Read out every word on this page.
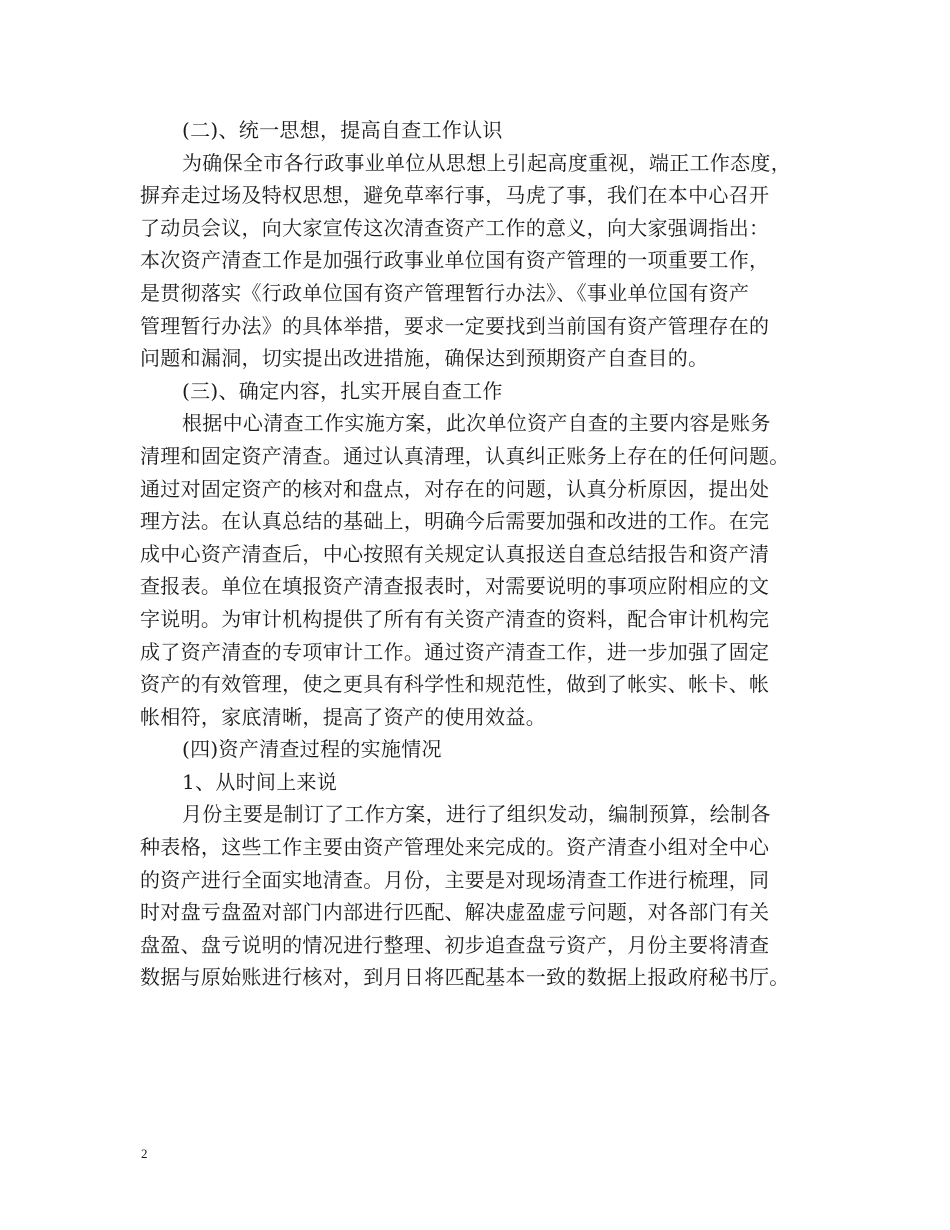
(二)、统一思想，提高自查工作认识
为确保全市各行政事业单位从思想上引起高度重视，端正工作态度，
摒弃走过场及特权思想，避免草率行事，马虎了事，我们在本中心召开
了动员会议，向大家宣传这次清查资产工作的意义，向大家强调指出：
本次资产清查工作是加强行政事业单位国有资产管理的一项重要工作，
是贯彻落实《行政单位国有资产管理暂行办法》、《事业单位国有资产
管理暂行办法》的具体举措，要求一定要找到当前国有资产管理存在的
问题和漏洞，切实提出改进措施，确保达到预期资产自查目的。
(三)、确定内容，扎实开展自查工作
根据中心清查工作实施方案，此次单位资产自查的主要内容是账务
清理和固定资产清查。通过认真清理，认真纠正账务上存在的任何问题。
通过对固定资产的核对和盘点，对存在的问题，认真分析原因，提出处
理方法。在认真总结的基础上，明确今后需要加强和改进的工作。在完
成中心资产清查后，中心按照有关规定认真报送自查总结报告和资产清
查报表。单位在填报资产清查报表时，对需要说明的事项应附相应的文
字说明。为审计机构提供了所有有关资产清查的资料，配合审计机构完
成了资产清查的专项审计工作。通过资产清查工作，进一步加强了固定
资产的有效管理，使之更具有科学性和规范性，做到了帐实、帐卡、帐
帐相符，家底清晰，提高了资产的使用效益。
(四)资产清查过程的实施情况
1、从时间上来说
月份主要是制订了工作方案，进行了组织发动，编制预算，绘制各
种表格，这些工作主要由资产管理处来完成的。资产清查小组对全中心
的资产进行全面实地清查。月份，主要是对现场清查工作进行梳理，同
时对盘亏盘盈对部门内部进行匹配、解决虚盈虚亏问题，对各部门有关
盘盈、盘亏说明的情况进行整理、初步追查盘亏资产，月份主要将清查
数据与原始账进行核对，到月日将匹配基本一致的数据上报政府秘书厅。
2
